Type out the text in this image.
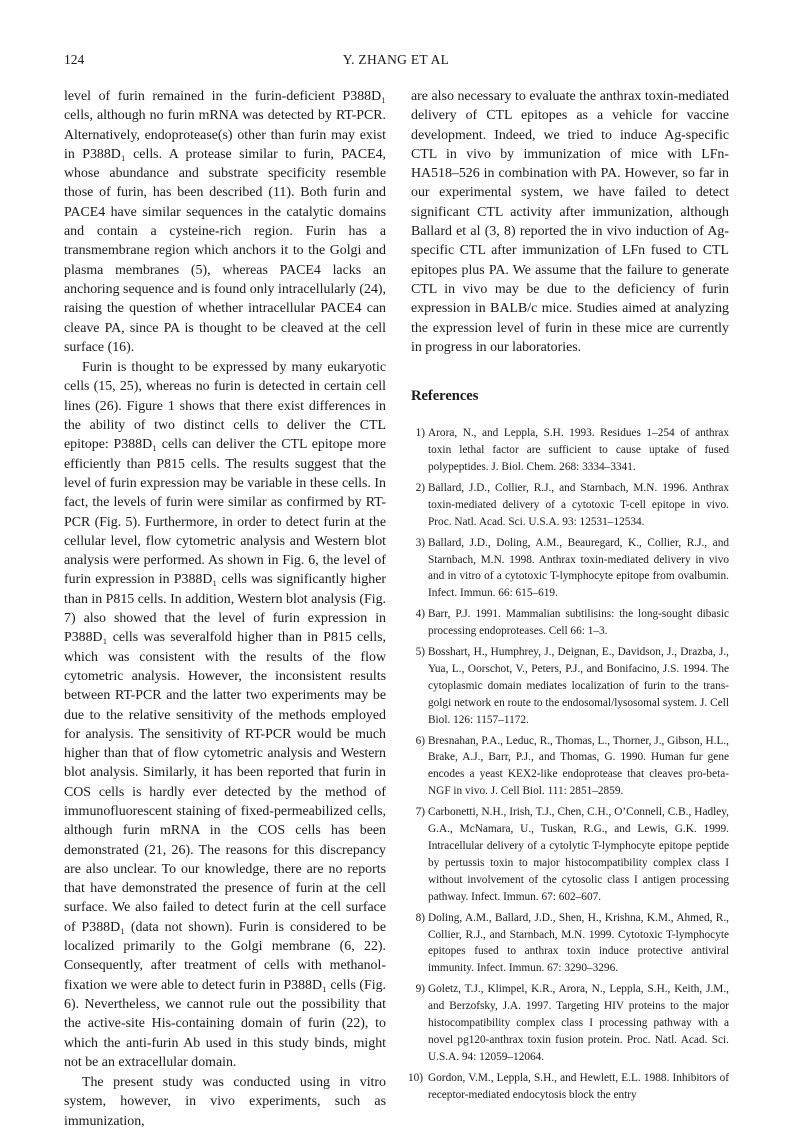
124	Y. ZHANG ET AL

level of furin remained in the furin-deficient P388D₁ cells, although no furin mRNA was detected by RT-PCR. Alternatively, endoprotease(s) other than furin may exist in P388D₁ cells. A protease similar to furin, PACE4, whose abundance and substrate specificity resemble those of furin, has been described (11). Both furin and PACE4 have similar sequences in the catalytic domains and contain a cysteine-rich region. Furin has a transmembrane region which anchors it to the Golgi and plasma membranes (5), whereas PACE4 lacks an anchoring sequence and is found only intracellularly (24), raising the question of whether intracellular PACE4 can cleave PA, since PA is thought to be cleaved at the cell surface (16).

Furin is thought to be expressed by many eukaryotic cells (15, 25), whereas no furin is detected in certain cell lines (26). Figure 1 shows that there exist differences in the ability of two distinct cells to deliver the CTL epitope: P388D₁ cells can deliver the CTL epitope more efficiently than P815 cells. The results suggest that the level of furin expression may be variable in these cells. In fact, the levels of furin were similar as confirmed by RT-PCR (Fig. 5). Furthermore, in order to detect furin at the cellular level, flow cytometric analysis and Western blot analysis were performed. As shown in Fig. 6, the level of furin expression in P388D₁ cells was significantly higher than in P815 cells. In addition, Western blot analysis (Fig. 7) also showed that the level of furin expression in P388D₁ cells was severalfold higher than in P815 cells, which was consistent with the results of the flow cytometric analysis. However, the inconsistent results between RT-PCR and the latter two experiments may be due to the relative sensitivity of the methods employed for analysis. The sensitivity of RT-PCR would be much higher than that of flow cytometric analysis and Western blot analysis. Similarly, it has been reported that furin in COS cells is hardly ever detected by the method of immunofluorescent staining of fixed-permeabilized cells, although furin mRNA in the COS cells has been demonstrated (21, 26). The reasons for this discrepancy are also unclear. To our knowledge, there are no reports that have demonstrated the presence of furin at the cell surface. We also failed to detect furin at the cell surface of P388D₁ (data not shown). Furin is considered to be localized primarily to the Golgi membrane (6, 22). Consequently, after treatment of cells with methanol-fixation we were able to detect furin in P388D₁ cells (Fig. 6). Nevertheless, we cannot rule out the possibility that the active-site His-containing domain of furin (22), to which the anti-furin Ab used in this study binds, might not be an extracellular domain.

The present study was conducted using in vitro system, however, in vivo experiments, such as immunization,

are also necessary to evaluate the anthrax toxin-mediated delivery of CTL epitopes as a vehicle for vaccine development. Indeed, we tried to induce Ag-specific CTL in vivo by immunization of mice with LFn-HA518–526 in combination with PA. However, so far in our experimental system, we have failed to detect significant CTL activity after immunization, although Ballard et al (3, 8) reported the in vivo induction of Ag-specific CTL after immunization of LFn fused to CTL epitopes plus PA. We assume that the failure to generate CTL in vivo may be due to the deficiency of furin expression in BALB/c mice. Studies aimed at analyzing the expression level of furin in these mice are currently in progress in our laboratories.

References
1) Arora, N., and Leppla, S.H. 1993. Residues 1–254 of anthrax toxin lethal factor are sufficient to cause uptake of fused polypeptides. J. Biol. Chem. 268: 3334–3341.
2) Ballard, J.D., Collier, R.J., and Starnbach, M.N. 1996. Anthrax toxin-mediated delivery of a cytotoxic T-cell epitope in vivo. Proc. Natl. Acad. Sci. U.S.A. 93: 12531–12534.
3) Ballard, J.D., Doling, A.M., Beauregard, K., Collier, R.J., and Starnbach, M.N. 1998. Anthrax toxin-mediated delivery in vivo and in vitro of a cytotoxic T-lymphocyte epitope from ovalbumin. Infect. Immun. 66: 615–619.
4) Barr, P.J. 1991. Mammalian subtilisins: the long-sought dibasic processing endoproteases. Cell 66: 1–3.
5) Bosshart, H., Humphrey, J., Deignan, E., Davidson, J., Drazba, J., Yua, L., Oorschot, V., Peters, P.J., and Bonifacino, J.S. 1994. The cytoplasmic domain mediates localization of furin to the trans-golgi network en route to the endosomal/lysosomal system. J. Cell Biol. 126: 1157–1172.
6) Bresnahan, P.A., Leduc, R., Thomas, L., Thorner, J., Gibson, H.L., Brake, A.J., Barr, P.J., and Thomas, G. 1990. Human fur gene encodes a yeast KEX2-like endoprotease that cleaves pro-beta-NGF in vivo. J. Cell Biol. 111: 2851–2859.
7) Carbonetti, N.H., Irish, T.J., Chen, C.H., O’Connell, C.B., Hadley, G.A., McNamara, U., Tuskan, R.G., and Lewis, G.K. 1999. Intracellular delivery of a cytolytic T-lymphocyte epitope peptide by pertussis toxin to major histocompatibility complex class I without involvement of the cytosolic class I antigen processing pathway. Infect. Immun. 67: 602–607.
8) Doling, A.M., Ballard, J.D., Shen, H., Krishna, K.M., Ahmed, R., Collier, R.J., and Starnbach, M.N. 1999. Cytotoxic T-lymphocyte epitopes fused to anthrax toxin induce protective antiviral immunity. Infect. Immun. 67: 3290–3296.
9) Goletz, T.J., Klimpel, K.R., Arora, N., Leppla, S.H., Keith, J.M., and Berzofsky, J.A. 1997. Targeting HIV proteins to the major histocompatibility complex class I processing pathway with a novel pg120-anthrax toxin fusion protein. Proc. Natl. Acad. Sci. U.S.A. 94: 12059–12064.
10) Gordon, V.M., Leppla, S.H., and Hewlett, E.L. 1988. Inhibitors of receptor-mediated endocytosis block the entry
